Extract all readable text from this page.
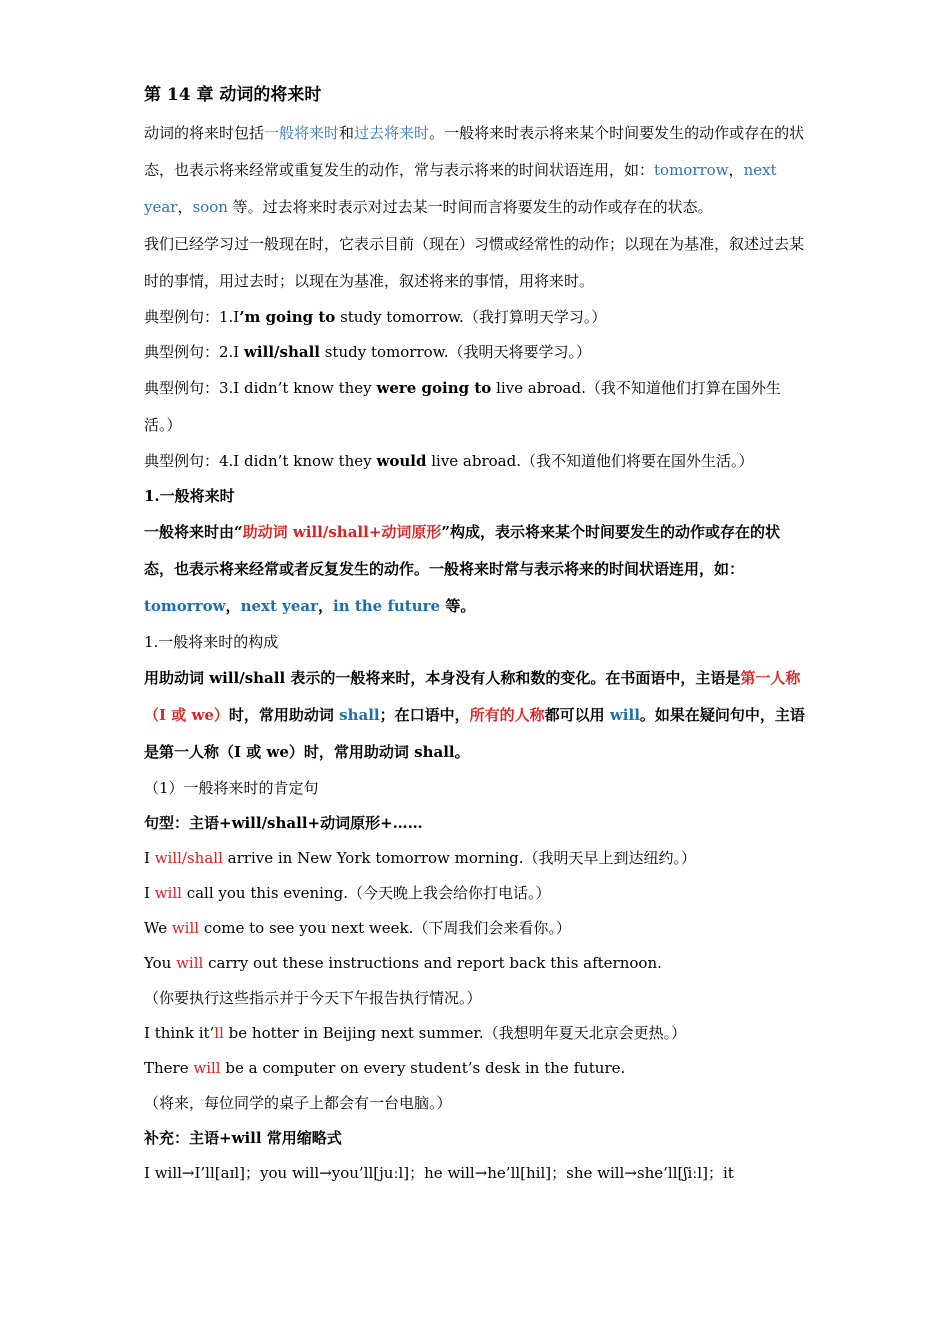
第 14 章 动词的将来时

动词的将来时包括一般将来时和过去将来时。一般将来时表示将来某个时间要发生的动作或存在的状态，也表示将来经常或重复发生的动作，常与表示将来的时间状语连用，如：tomorrow，next year，soon 等。过去将来时表示对过去某一时间而言将要发生的动作或存在的状态。

我们已经学习过一般现在时，它表示目前（现在）习惯或经常性的动作；以现在为基准，叙述过去某时的事情，用过去时；以现在为基准，叙述将来的事情，用将来时。

典型例句：1.I’m going to study tomorrow.（我打算明天学习。）

典型例句：2.I will/shall study tomorrow.（我明天将要学习。）

典型例句：3.I didn’t know they were going to live abroad.（我不知道他们打算在国外生活。）

典型例句：4.I didn’t know they would live abroad.（我不知道他们将要在国外生活。）

1.一般将来时

一般将来时由“助动词 will/shall+动词原形”构成，表示将来某个时间要发生的动作或存在的状态，也表示将来经常或者反复发生的动作。一般将来时常与表示将来的时间状语连用，如：tomorrow，next year，in the future 等。

1.一般将来时的构成

用助动词 will/shall 表示的一般将来时，本身没有人称和数的变化。在书面语中，主语是第一人称（I 或 we）时，常用助动词 shall；在口语中，所有的人称都可以用 will。如果在疑问句中，主语是第一人称（I 或 we）时，常用助动词 shall。

（1）一般将来时的肯定句

句型：主语+will/shall+动词原形+……

I will/shall arrive in New York tomorrow morning.（我明天早上到达纽约。）

I will call you this evening.（今天晚上我会给你打电话。）

We will come to see you next week.（下周我们会来看你。）

You will carry out these instructions and report back this afternoon.

（你要执行这些指示并于今天下午报告执行情况。）

I think it’ll be hotter in Beijing next summer.（我想明年夏天北京会更热。）

There will be a computer on every student’s desk in the future.

（将来，每位同学的桌子上都会有一台电脑。）

补充：主语+will 常用缩略式

I will→I’ll[aɪl]；you will→you’ll[juːl]；he will→he’ll[hil]；she will→she’ll[ʃiːl]；it
